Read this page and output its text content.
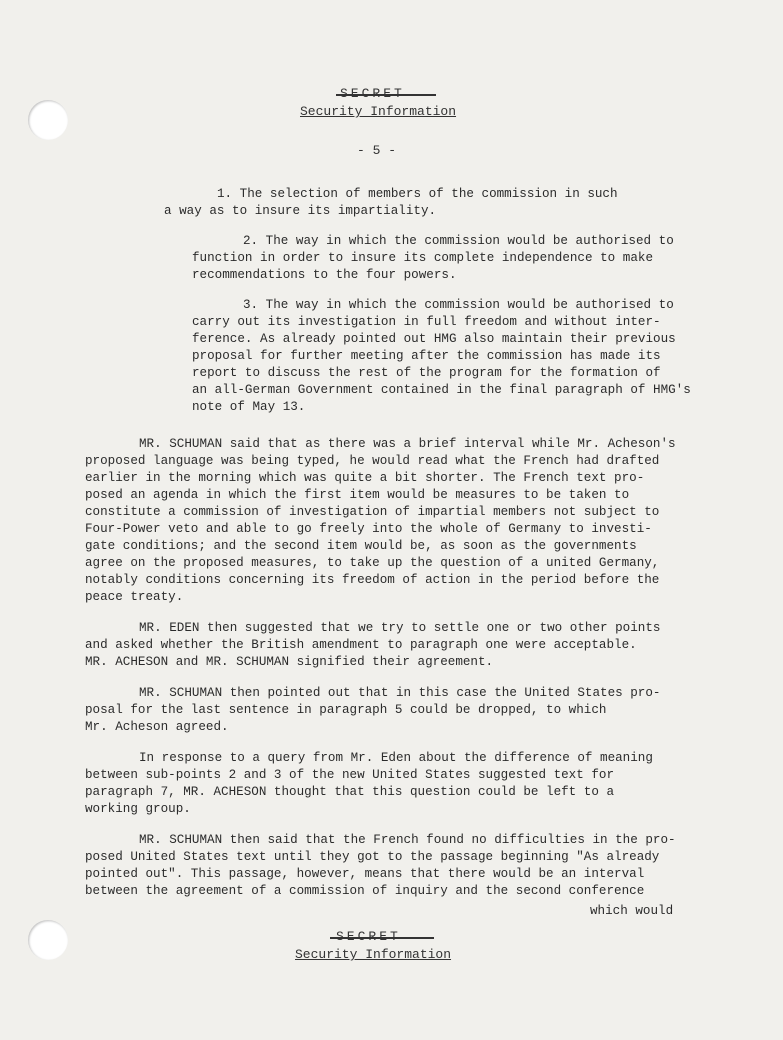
Security Information
- 5 -

1. The selection of members of the commission in such

a way as to insure its impartiality.

2. The way in which the commission would be authorised to

function in order to insure its complete independence to make

recommendations to the four powers.

3. The way in which the commission would be authorised to

carry out its investigation in full freedom and without inter-

ference. As already pointed out HMG also maintain their previous

proposal for further meeting after the commission has made its

report to discuss the rest of the program for the formation of

an all-German Government contained in the final paragraph of HMG's

note of May 13.

MR. SCHUMAN said that as there was a brief interval while Mr. Acheson's

proposed language was being typed, he would read what the French had drafted

earlier in the morning which was quite a bit shorter. The French text pro-

posed an agenda in which the first item would be measures to be taken to

constitute a commission of investigation of impartial members not subject to

Four-Power veto and able to go freely into the whole of Germany to investi-

gate conditions; and the second item would be, as soon as the governments

agree on the proposed measures, to take up the question of a united Germany,

notably conditions concerning its freedom of action in the period before the

peace treaty.

MR. EDEN then suggested that we try to settle one or two other points

and asked whether the British amendment to paragraph one were acceptable.

MR. ACHESON and MR. SCHUMAN signified their agreement.

MR. SCHUMAN then pointed out that in this case the United States pro-

posal for the last sentence in paragraph 5 could be dropped, to which

Mr. Acheson agreed.

In response to a query from Mr. Eden about the difference of meaning

between sub-points 2 and 3 of the new United States suggested text for

paragraph 7, MR. ACHESON thought that this question could be left to a

working group.

MR. SCHUMAN then said that the French found no difficulties in the pro-

posed United States text until they got to the passage beginning "As already

pointed out". This passage, however, means that there would be an interval

between the agreement of a commission of inquiry and the second conference

which would
Security Information
